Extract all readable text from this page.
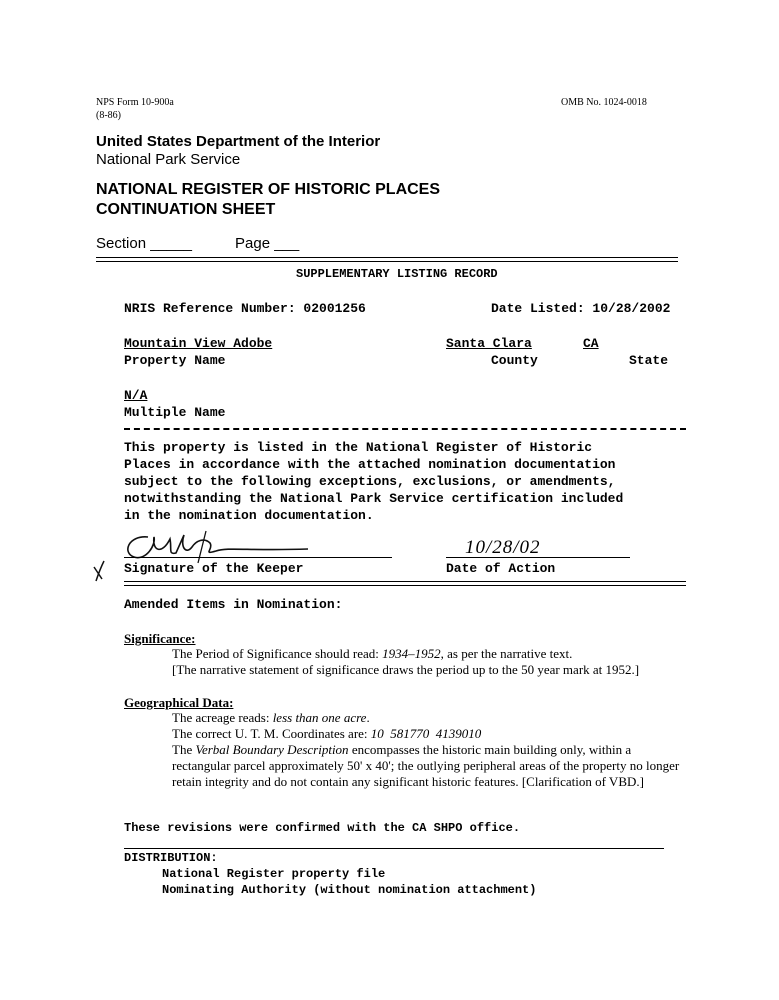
NPS Form 10-900a
(8-86)
OMB No. 1024-0018
United States Department of the Interior
National Park Service
NATIONAL REGISTER OF HISTORIC PLACES
CONTINUATION SHEET
Section _____	Page ___
SUPPLEMENTARY LISTING RECORD
NRIS Reference Number: 02001256	Date Listed: 10/28/2002
Mountain View Adobe
Property Name
Santa Clara
County
CA
State
N/A
Multiple Name
This property is listed in the National Register of Historic
Places in accordance with the attached nomination documentation
subject to the following exceptions, exclusions, or amendments,
notwithstanding the National Park Service certification included
in the nomination documentation.
Signature of the Keeper
10/28/02
Date of Action
Amended Items in Nomination:
Significance:
The Period of Significance should read: 1934–1952, as per the narrative text.
[The narrative statement of significance draws the period up to the 50 year mark at 1952.]
Geographical Data:
The acreage reads: less than one acre.
The correct U. T. M. Coordinates are: 10  581770  4139010
The Verbal Boundary Description encompasses the historic main building only, within a
rectangular parcel approximately 50' x 40'; the outlying peripheral areas of the property no longer
retain integrity and do not contain any significant historic features. [Clarification of VBD.]
These revisions were confirmed with the CA SHPO office.
DISTRIBUTION:
National Register property file
Nominating Authority (without nomination attachment)
